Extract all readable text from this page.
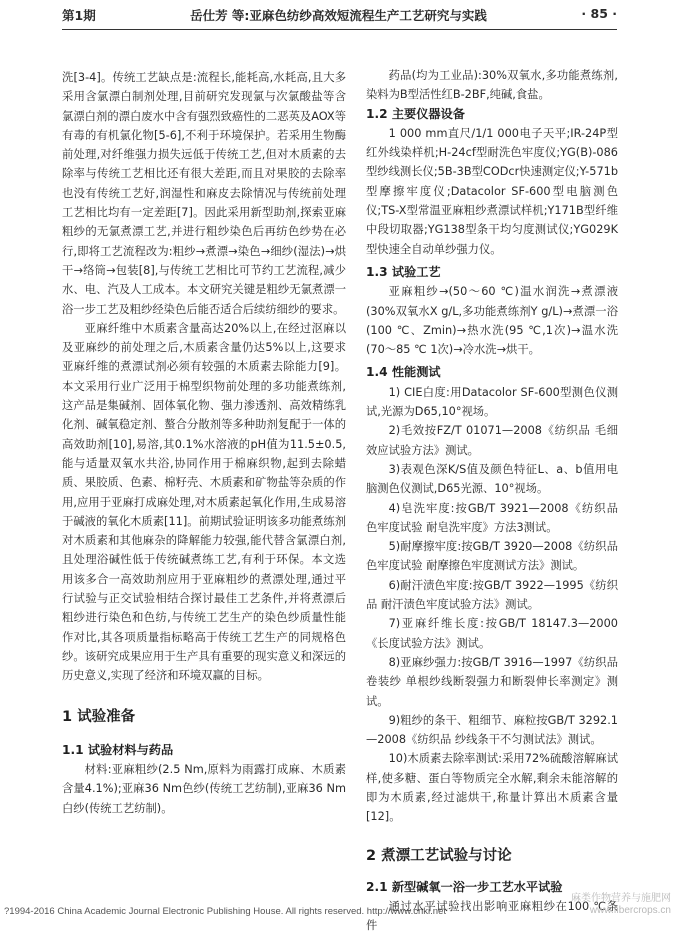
第1期	岳仕芳 等:亚麻色纺纱高效短流程生产工艺研究与实践	· 85 ·

洗[3-4]。传统工艺缺点是:流程长,能耗高,水耗高,且大多采用含氯漂白制剂处理,目前研究发现氯与次氯酸盐等含氯漂白剂的漂白废水中含有强烈致癌性的二恶英及AOX等有毒的有机氯化物[5-6],不利于环境保护。若采用生物酶前处理,对纤维强力损失远低于传统工艺,但对木质素的去除率与传统工艺相比还有很大差距,而且对果胶的去除率也没有传统工艺好,润湿性和麻皮去除情况与传统前处理工艺相比均有一定差距[7]。因此采用新型助剂,探索亚麻粗纱的无氯煮漂工艺,并进行粗纱染色后再纺色纱势在必行,即将工艺流程改为:粗纱→煮漂→染色→细纱(湿法)→烘干→络筒→包装[8],与传统工艺相比可节约工艺流程,减少水、电、汽及人工成本。本文研究关键是粗纱无氯煮漂一浴一步工艺及粗纱经染色后能否适合后续纺细纱的要求。

亚麻纤维中木质素含量高达20%以上,在经过沤麻以及亚麻纱的前处理之后,木质素含量仍达5%以上,这要求亚麻纤维的煮漂试剂必须有较强的木质素去除能力[9]。本文采用行业广泛用于棉型织物前处理的多功能煮练剂,这产品是集碱剂、固体氧化物、强力渗透剂、高效精练乳化剂、碱氧稳定剂、螯合分散剂等多种助剂复配于一体的高效助剂[10],易溶,其0.1%水溶液的pH值为11.5±0.5,能与适量双氧水共浴,协同作用于棉麻织物,起到去除蜡质、果胶质、色素、棉籽壳、木质素和矿物盐等杂质的作用,应用于亚麻打成麻处理,对木质素起氧化作用,生成易溶于碱液的氧化木质素[11]。前期试验证明该多功能煮练剂对木质素和其他麻杂的降解能力较强,能代替含氯漂白剂,且处理浴碱性低于传统碱煮练工艺,有利于环保。本文选用该多合一高效助剂应用于亚麻粗纱的煮漂处理,通过平行试验与正交试验相结合探讨最佳工艺条件,并将煮漂后粗纱进行染色和色纺,与传统工艺生产的染色纱质量性能作对比,其各项质量指标略高于传统工艺生产的同规格色纱。该研究成果应用于生产具有重要的现实意义和深远的历史意义,实现了经济和环境双赢的目标。

1 试验准备
1.1 试验材料与药品

材料:亚麻粗纱(2.5 Nm,原料为雨露打成麻、木质素含量4.1%);亚麻36 Nm色纱(传统工艺纺制),亚麻36 Nm白纱(传统工艺纺制)。

药品(均为工业品):30%双氧水,多功能煮练剂,染料为B型活性红B-2BF,纯碱,食盐。

1.2 主要仪器设备

1 000 mm直尺/1/1 000电子天平;IR-24P型红外线染样机;H-24cf型耐洗色牢度仪;YG(B)-086型纱线测长仪;5B-3B型CODcr快速测定仪;Y-571b型摩擦牢度仪;Datacolor SF-600型电脑测色仪;TS-X型常温亚麻粗纱煮漂试样机;Y171B型纤维中段切取器;YG138型条干均匀度测试仪;YG029K型快速全自动单纱强力仪。

1.3 试验工艺

亚麻粗纱→(50～60 ℃)温水润洗→煮漂液(30%双氧水X g/L,多功能煮练剂Y g/L)→煮漂一浴(100 ℃、Zmin)→热水洗(95 ℃,1次)→温水洗(70～85 ℃ 1次)→冷水洗→烘干。

1.4 性能测试

1) CIE白度:用Datacolor SF-600型测色仪测试,光源为D65,10°视场。

2)毛效按FZ/T 01071—2008《纺织品 毛细效应试验方法》测试。

3)表观色深K/S值及颜色特征L、a、b值用电脑测色仪测试,D65光源、10°视场。

4)皂洗牢度:按GB/T 3921—2008《纺织品 色牢度试验 耐皂洗牢度》方法3测试。

5)耐摩擦牢度:按GB/T 3920—2008《纺织品 色牢度试验 耐摩擦色牢度测试方法》测试。

6)耐汗渍色牢度:按GB/T 3922—1995《纺织品 耐汗渍色牢度试验方法》测试。

7)亚麻纤维长度:按GB/T 18147.3—2000《长度试验方法》测试。

8)亚麻纱强力:按GB/T 3916—1997《纺织品 卷装纱 单根纱线断裂强力和断裂伸长率测定》测试。

9)粗纱的条干、粗细节、麻粒按GB/T 3292.1—2008《纺织品 纱线条干不匀测试法》测试。

10)木质素去除率测试:采用72%硫酸溶解麻试样,使多糖、蛋白等物质完全水解,剩余未能溶解的即为木质素,经过滤烘干,称量计算出木质素含量[12]。

2 煮漂工艺试验与讨论
2.1 新型碱氧一浴一步工艺水平试验

通过水平试验找出影响亚麻粗纱在100 ℃条件

?1994-2016 China Academic Journal Electronic Publishing House. All rights reserved. http://www.cnki.net
麻类作物营养与施肥网
www.fibercrops.cn
